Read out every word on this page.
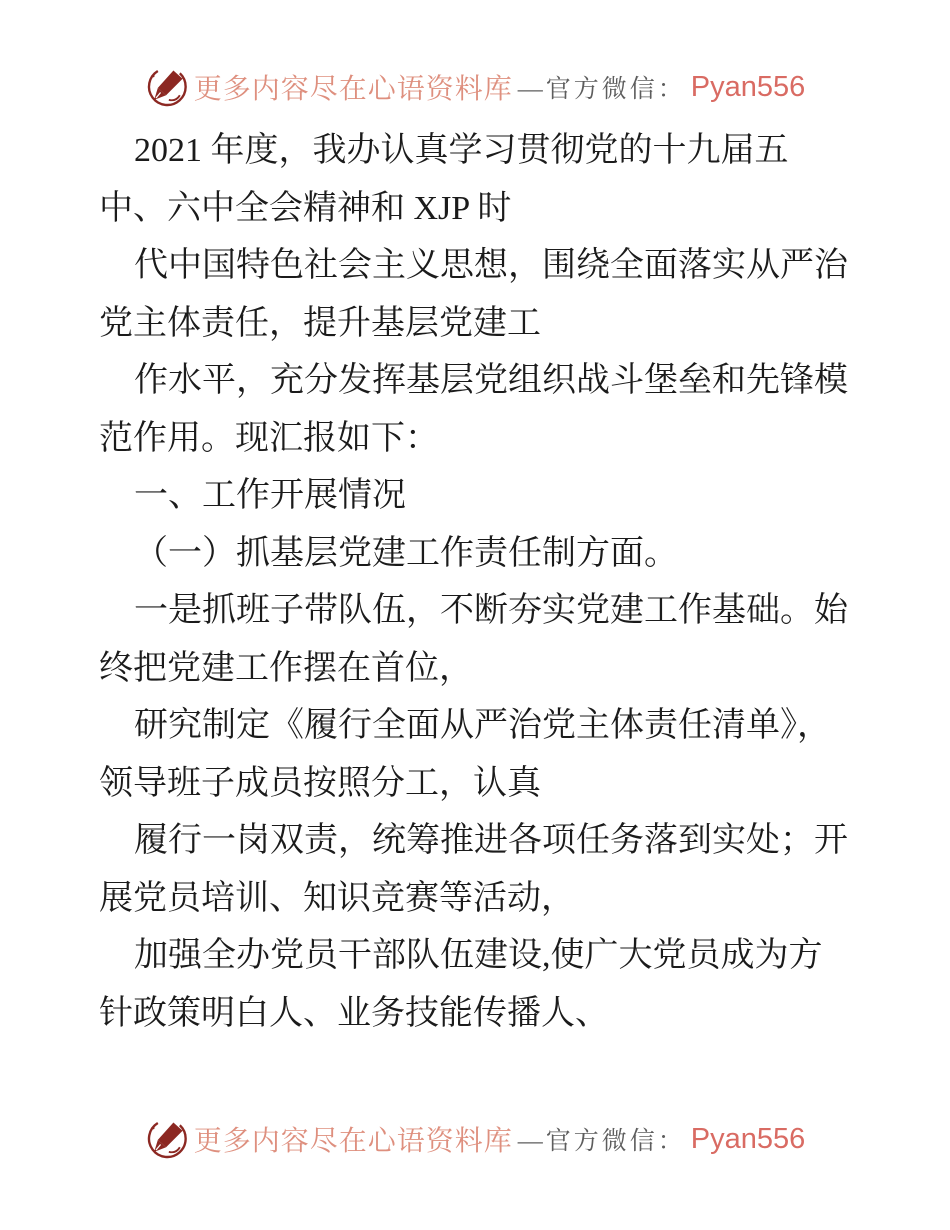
更多内容尽在心语资料库 —官方微信： Pyan556
2021 年度，我办认真学习贯彻党的十九届五
中、六中全会精神和 XJP 时
代中国特色社会主义思想，围绕全面落实从严治
党主体责任，提升基层党建工
作水平，充分发挥基层党组织战斗堡垒和先锋模
范作用。现汇报如下：
一、工作开展情况
（一）抓基层党建工作责任制方面。
一是抓班子带队伍，不断夯实党建工作基础。始
终把党建工作摆在首位，
研究制定《履行全面从严治党主体责任清单》，
领导班子成员按照分工，认真
履行一岗双责，统筹推进各项任务落到实处；开
展党员培训、知识竞赛等活动，
加强全办党员干部队伍建设,使广大党员成为方
针政策明白人、业务技能传播人、
更多内容尽在心语资料库 —官方微信： Pyan556
